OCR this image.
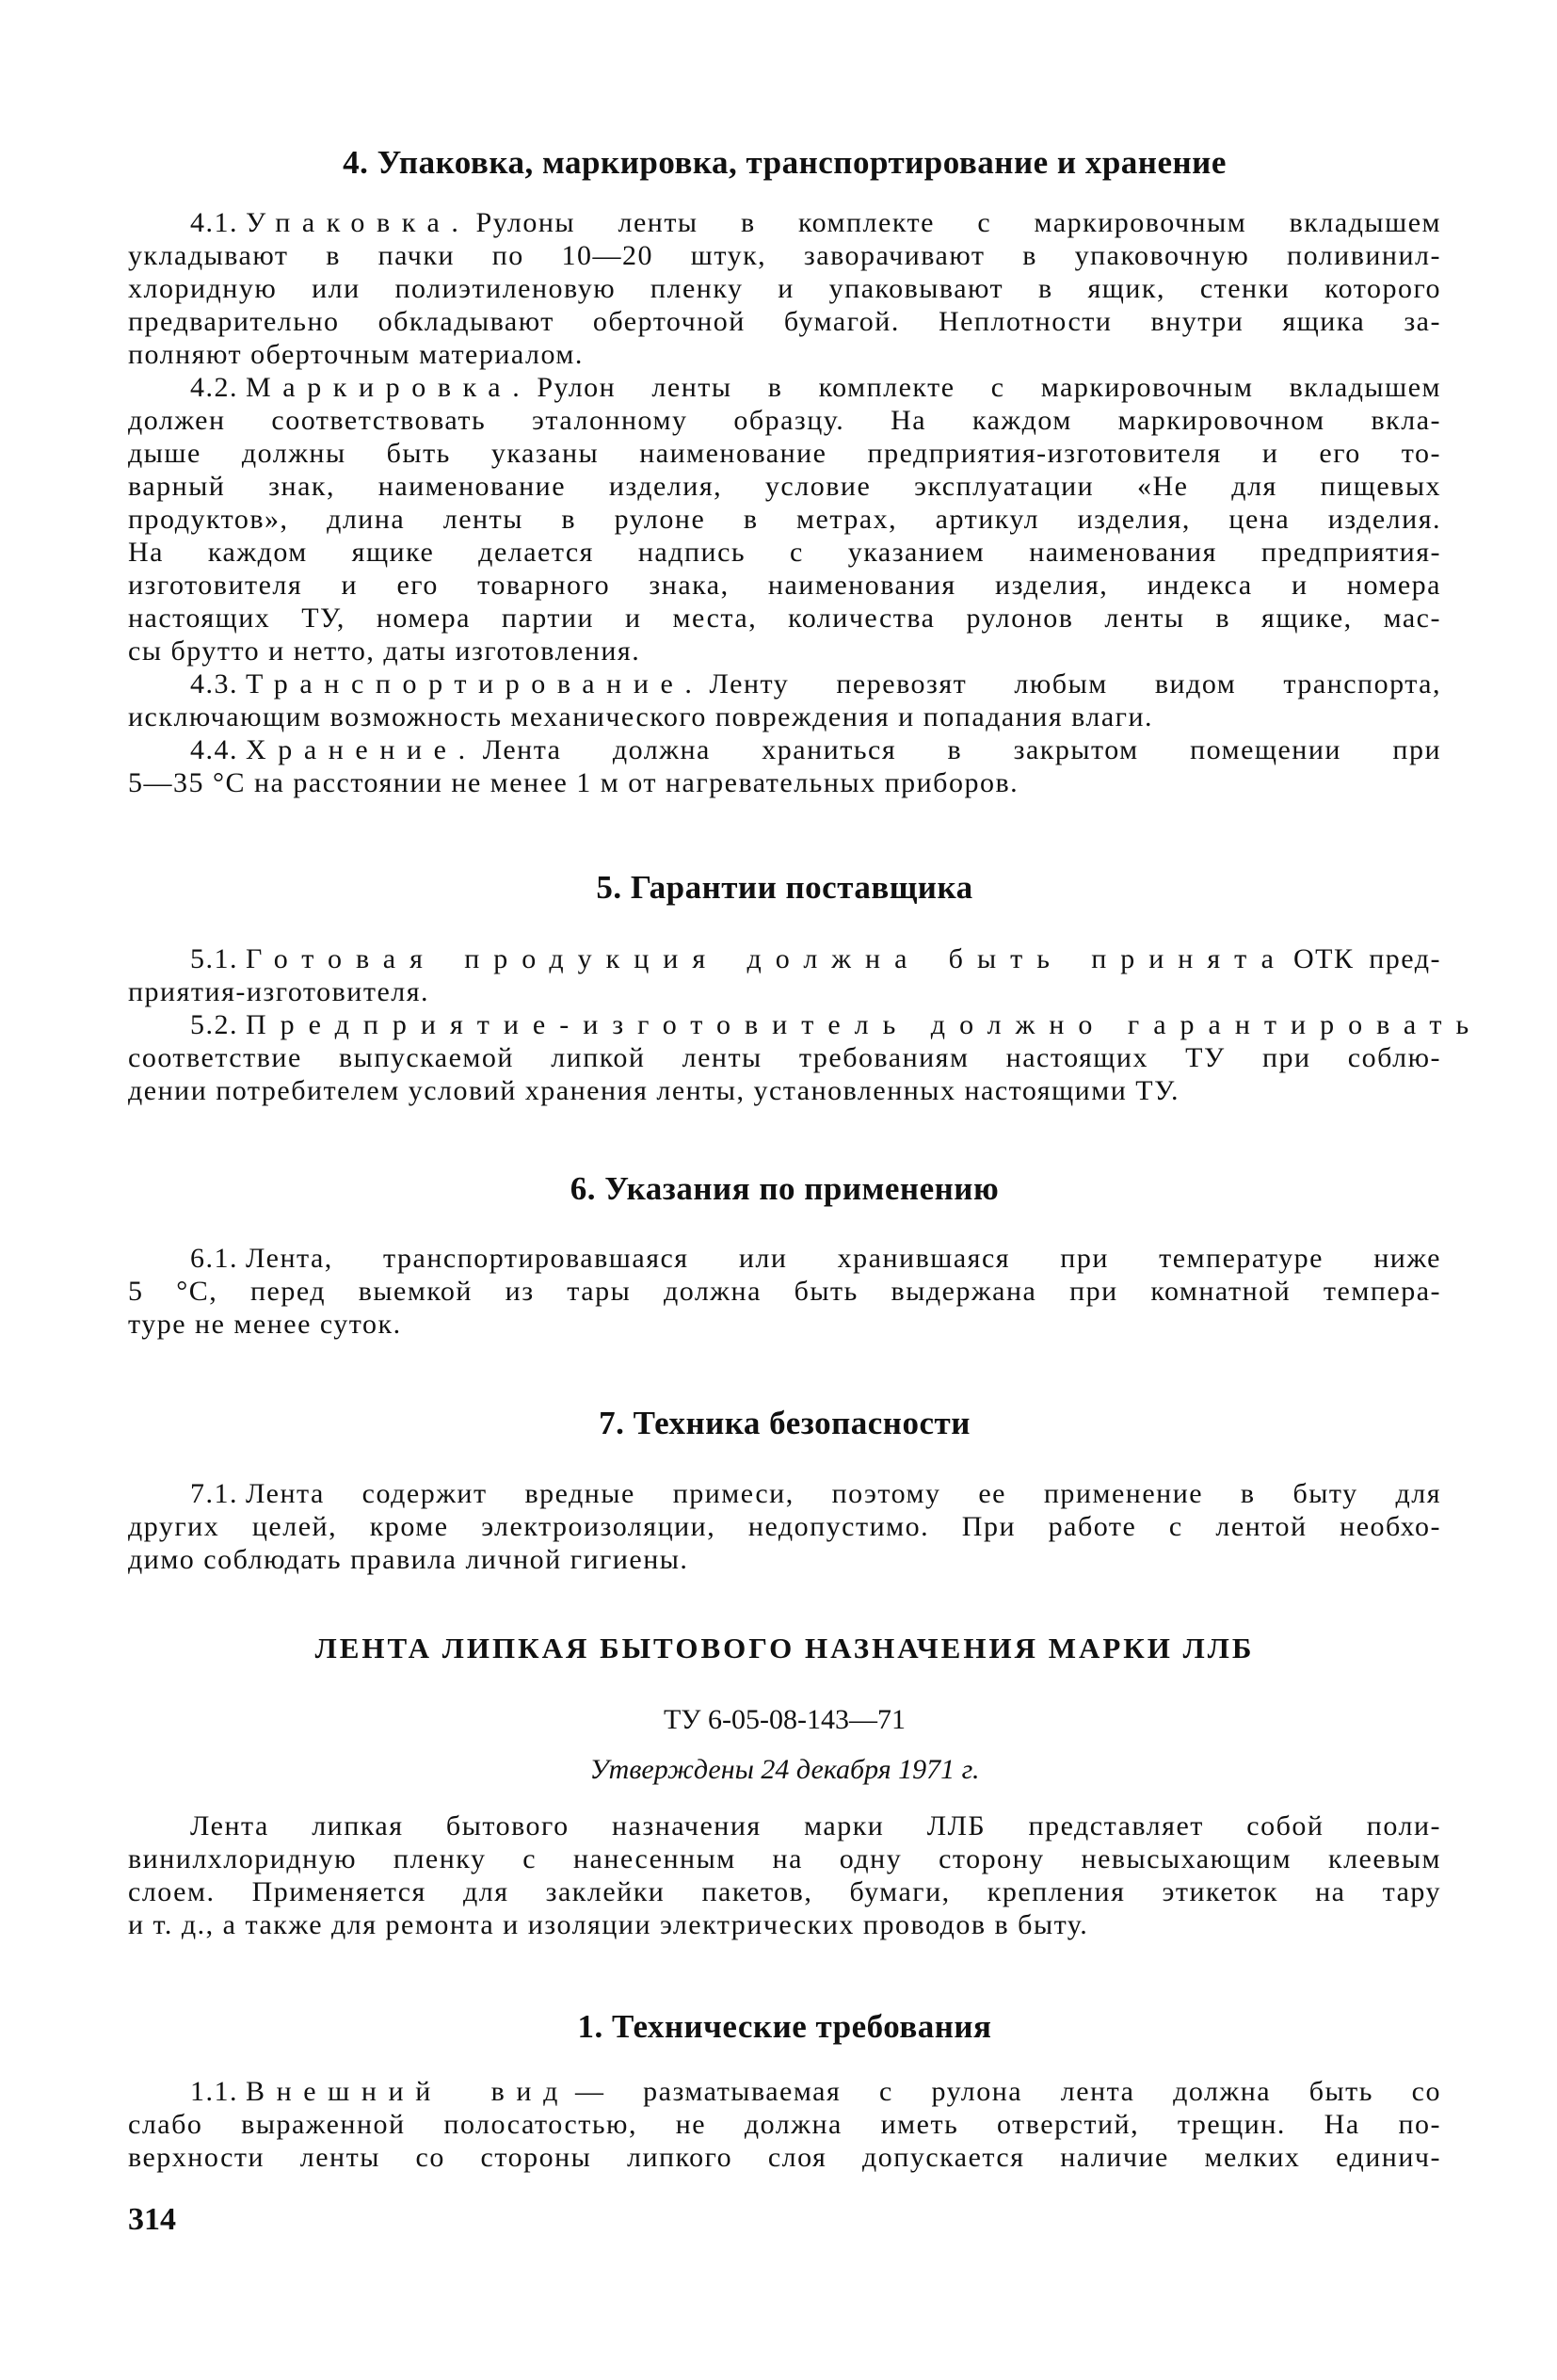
4. Упаковка, маркировка, транспортирование и хранение
4.1. Упаковка. Рулоны ленты в комплекте с маркировочным вкладышем
укладывают в пачки по 10—20 штук, заворачивают в упаковочную поливинил-
хлоридную или полиэтиленовую пленку и упаковывают в ящик, стенки которого
предварительно обкладывают оберточной бумагой. Неплотности внутри ящика за-
полняют оберточным материалом.
4.2. Маркировка. Рулон ленты в комплекте с маркировочным вкладышем
должен соответствовать эталонному образцу. На каждом маркировочном вкла-
дыше должны быть указаны наименование предприятия-изготовителя и его то-
варный знак, наименование изделия, условие эксплуатации «Не для пищевых
продуктов», длина ленты в рулоне в метрах, артикул изделия, цена изделия.
На каждом ящике делается надпись с указанием наименования предприятия-
изготовителя и его товарного знака, наименования изделия, индекса и номера
настоящих ТУ, номера партии и места, количества рулонов ленты в ящике, мас-
сы брутто и нетто, даты изготовления.
4.3. Транспортирование. Ленту перевозят любым видом транспорта,
исключающим возможность механического повреждения и попадания влаги.
4.4. Хранение. Лента должна храниться в закрытом помещении при
5—35 °С на расстоянии не менее 1 м от нагревательных приборов.
5. Гарантии поставщика
5.1. Готовая продукция должна быть принята ОТК пред-
приятия-изготовителя.
5.2. Предприятие-изготовитель должно гарантировать
соответствие выпускаемой липкой ленты требованиям настоящих ТУ при соблю-
дении потребителем условий хранения ленты, установленных настоящими ТУ.
6. Указания по применению
6.1. Лента, транспортировавшаяся или хранившаяся при температуре ниже
5 °С, перед выемкой из тары должна быть выдержана при комнатной темпера-
туре не менее суток.
7. Техника безопасности
7.1. Лента содержит вредные примеси, поэтому ее применение в быту для
других целей, кроме электроизоляции, недопустимо. При работе с лентой необхо-
димо соблюдать правила личной гигиены.
ЛЕНТА ЛИПКАЯ БЫТОВОГО НАЗНАЧЕНИЯ МАРКИ ЛЛБ
ТУ 6-05-08-143—71
Утверждены 24 декабря 1971 г.
Лента липкая бытового назначения марки ЛЛБ представляет собой поли-
винилхлоридную пленку с нанесенным на одну сторону невысыхающим клеевым
слоем. Применяется для заклейки пакетов, бумаги, крепления этикеток на тару
и т. д., а также для ремонта и изоляции электрических проводов в быту.
1. Технические требования
1.1. Внешний вид — разматываемая с рулона лента должна быть со
слабо выраженной полосатостью, не должна иметь отверстий, трещин. На по-
верхности ленты со стороны липкого слоя допускается наличие мелких единич-
314
